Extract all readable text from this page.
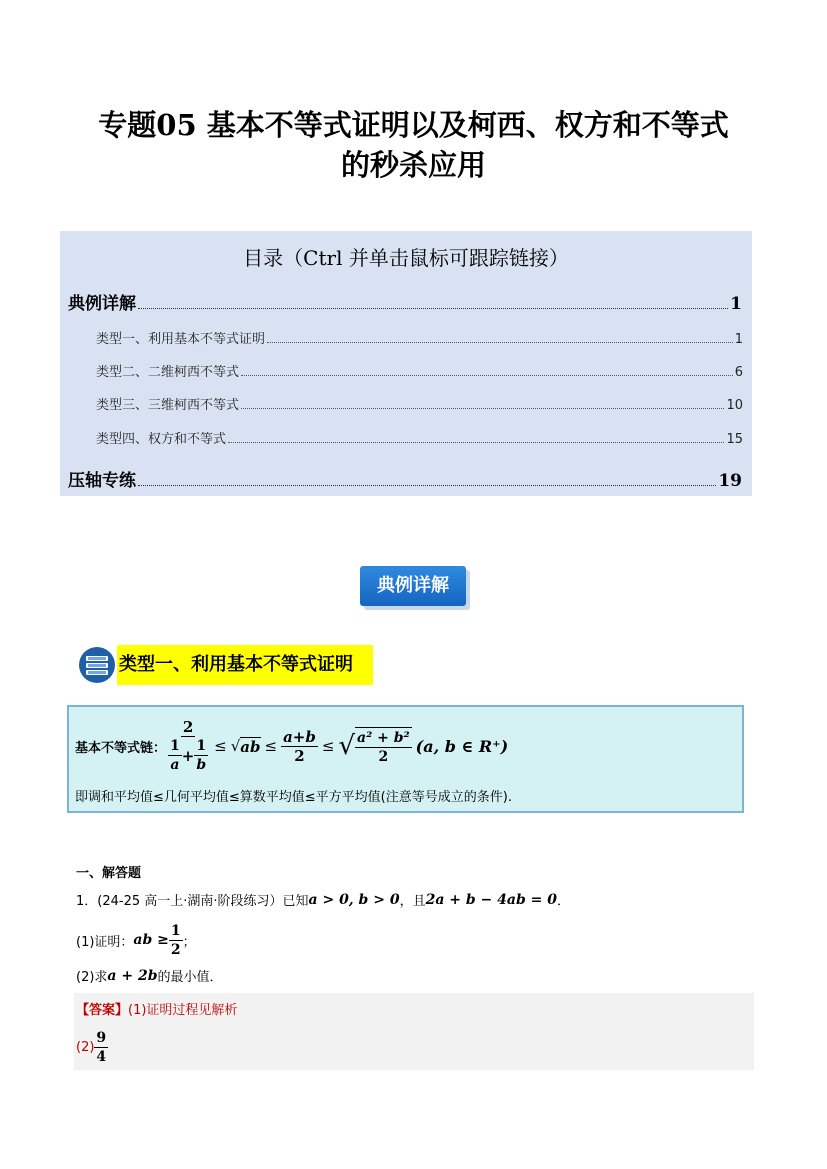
专题05 基本不等式证明以及柯西、权方和不等式
的秒杀应用
目录（Ctrl 并单击鼠标可跟踪链接）
典例详解	1
类型一、利用基本不等式证明	1
类型二、二维柯西不等式	6
类型三、三维柯西不等式	10
类型四、权方和不等式	15
压轴专练	19
典例详解
类型一、利用基本不等式证明
基本不等式链：
2
$\frac{1}{a} + \frac{1}{b}$ ≤ √ ab ≤ $\frac{a+b}{2}$ ≤ √ $\frac{\text{a² + b²}}{2} (a$, b ∈ R⁺)
即调和平均值≤几何平均值≤算数平均值≤平方平均值(注意等号成立的条件).
一、解答题
1．(24-25 高一上·湖南·阶段练习）已知 a > 0, b > 0 ，且 2a + b − 4ab = 0 ．
(1)证明： ab ≥ $\frac{1}{2}$ ；
(2)求 a + 2b 的最小值．
【答案】(1)证明过程见解析
$(2) \frac{9}{4}$
